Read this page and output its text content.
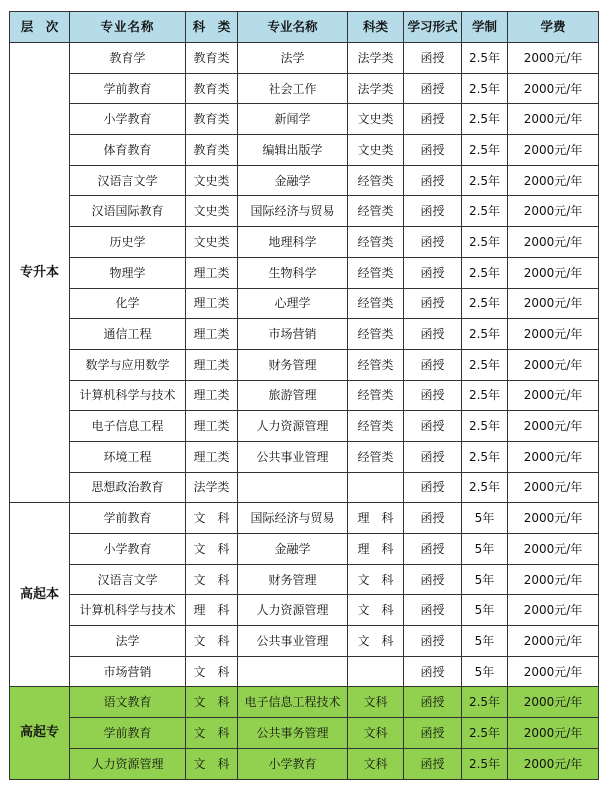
层　次	专业名称	科　类	专业名称	科类	学习形式	学制	学费
专升本	教育学	教育类	法学	法学类	函授	2.5年	2000元/年
	学前教育	教育类	社会工作	法学类	函授	2.5年	2000元/年
	小学教育	教育类	新闻学	文史类	函授	2.5年	2000元/年
	体育教育	教育类	编辑出版学	文史类	函授	2.5年	2000元/年
	汉语言文学	文史类	金融学	经管类	函授	2.5年	2000元/年
	汉语国际教育	文史类	国际经济与贸易	经管类	函授	2.5年	2000元/年
	历史学	文史类	地理科学	经管类	函授	2.5年	2000元/年
	物理学	理工类	生物科学	经管类	函授	2.5年	2000元/年
	化学	理工类	心理学	经管类	函授	2.5年	2000元/年
	通信工程	理工类	市场营销	经管类	函授	2.5年	2000元/年
	数学与应用数学	理工类	财务管理	经管类	函授	2.5年	2000元/年
	计算机科学与技术	理工类	旅游管理	经管类	函授	2.5年	2000元/年
	电子信息工程	理工类	人力资源管理	经管类	函授	2.5年	2000元/年
	环境工程	理工类	公共事业管理	经管类	函授	2.5年	2000元/年
	思想政治教育	法学类			函授	2.5年	2000元/年
高起本	学前教育	文　科	国际经济与贸易	理　科	函授	5年	2000元/年
	小学教育	文　科	金融学	理　科	函授	5年	2000元/年
	汉语言文学	文　科	财务管理	文　科	函授	5年	2000元/年
	计算机科学与技术	理　科	人力资源管理	文　科	函授	5年	2000元/年
	法学	文　科	公共事业管理	文　科	函授	5年	2000元/年
	市场营销	文　科			函授	5年	2000元/年
高起专	语文教育	文　科	电子信息工程技术	文科	函授	2.5年	2000元/年
	学前教育	文　科	公共事务管理	文科	函授	2.5年	2000元/年
	人力资源管理	文　科	小学教育	文科	函授	2.5年	2000元/年
